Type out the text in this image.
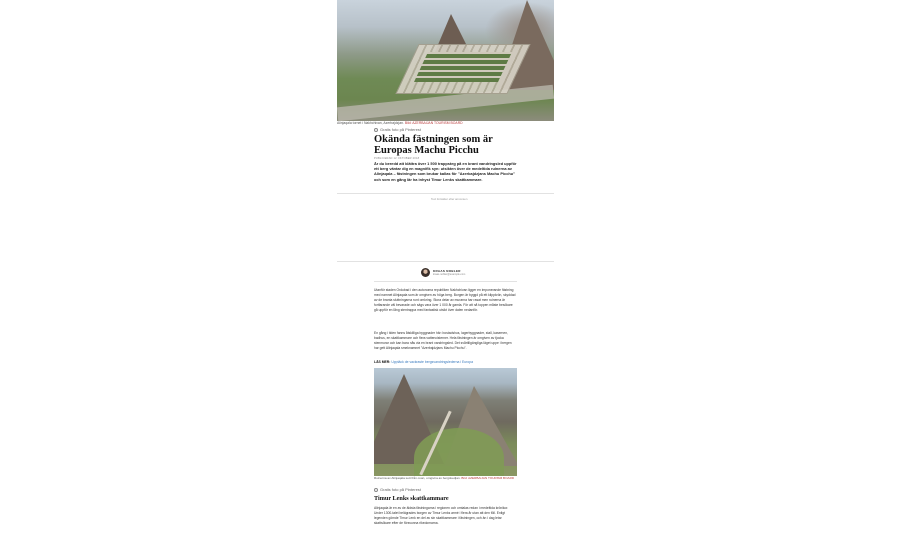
Alinjaqala tornet i Nakhchivan, Azerbajdzjan. Bild: AZERBAIJAN TOURISM BOARD
Gratis foto på Pinterest
Okända fästningen som är Europas Machu Picchu
PUBLICERAD 12 OKTOBER 2018
Är du beredd att klättra över 1 500 trappsteg på en brant vandringsled uppför ett berg väntar dig en magnifik syn: utsikten över de medeltida ruinerna av Alinjaqala – fästningen som brukar kallas för "Azerbajdzjans Machu Picchu" och som en gång lär ha inhyst Timur Lenks skattkammare.
Text fortsätter efter annonsen
KRAAS NOBLER
kraas.nobler@example.com
Utanför staden Ordubad i den autonoma republiken Nakhchivan ligger en imponerande fästning med namnet Alinjaqala som är omgiven av höga berg. Borgen är byggd på ett klippkrön, skyddad av de branta sluttningarna runt omkring. Stora delar av murarna har rasat men ruinerna är fortfarande väl bevarade och sägs vara över 1 000 år gamla. För att nå toppen måste besökare gå uppför en lång stentrappa med fantastisk utsikt över dalen nedanför.
En gång i tiden fanns åtskilliga byggnader här: bostadshus, lagerbyggnader, stall, kasernen, badhus, en skattkammare och flera vattencisterner. Hela fästningen är omgiven av tjocka stenmurar och kan bara nås via en brant vandringsled. Det svårtillgängliga läget uppe i bergen har gett Alinjaqala smeknamnet "Azerbajdzjans Machu Picchu".
LÄS MER: Upptäck de vackraste bergsvandringslederna i Europa
Ruinerna av Alinjaqala sett från ovan, omgivna av bergskedjan. Bild: AZERBAIJAN TOURISM BOARD
Gratis foto på Pinterest
Timur Lenks skattkammare
Alinjaqala är en av de äldsta fästningarna i regionen och omtalas redan i medeltida krönikor. Under 1300-talet belägrades borgen av Timur Lenks armé i flera år utan att den föll. Enligt legenden gömde Timur Lenk en del av sin skattkammare i fästningen, och än i dag letar skattsökare efter de försvunna rikedomarna.
